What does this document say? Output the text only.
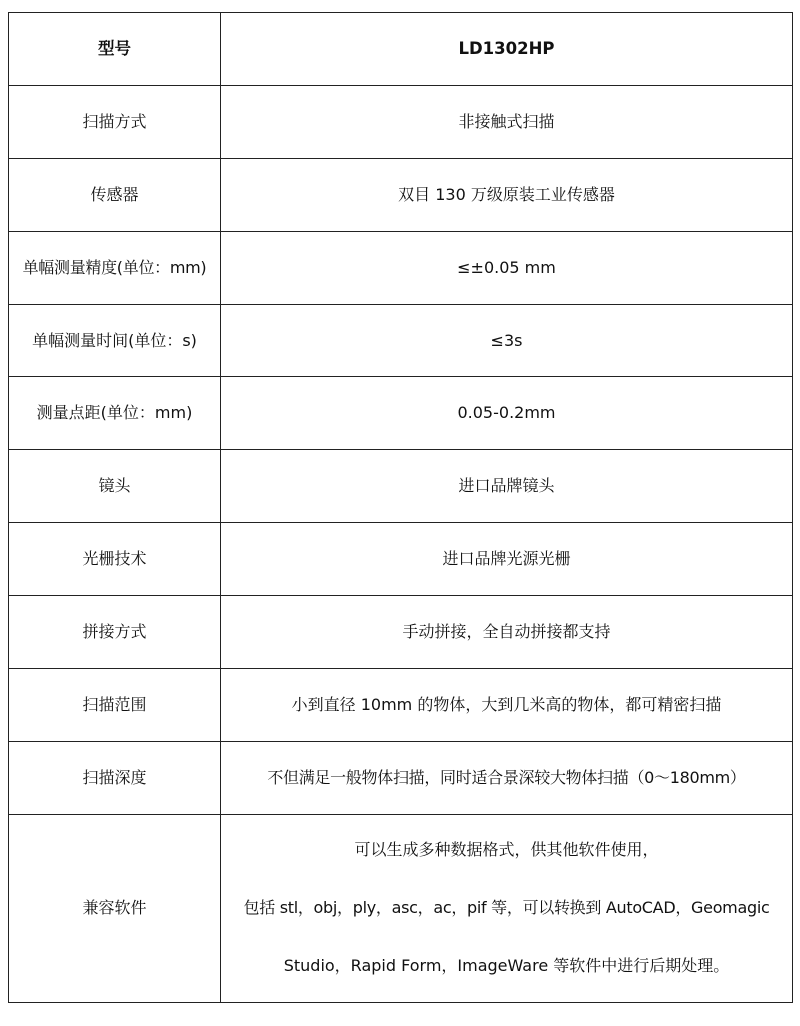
型号	LD1302HP
扫描方式	非接触式扫描
传感器	双目 130 万级原装工业传感器
单幅测量精度(单位：mm)	≤±0.05 mm
单幅测量时间(单位：s)	≤3s
测量点距(单位：mm)	0.05-0.2mm
镜头	进口品牌镜头
光栅技术	进口品牌光源光栅
拼接方式	手动拼接，全自动拼接都支持
扫描范围	小到直径 10mm 的物体，大到几米高的物体，都可精密扫描
扫描深度	不但满足一般物体扫描，同时适合景深较大物体扫描（0～180mm）
兼容软件	可以生成多种数据格式，供其他软件使用，
包括 stl，obj，ply，asc，ac，pif 等，可以转换到 AutoCAD，Geomagic
Studio，Rapid Form，ImageWare 等软件中进行后期处理。
